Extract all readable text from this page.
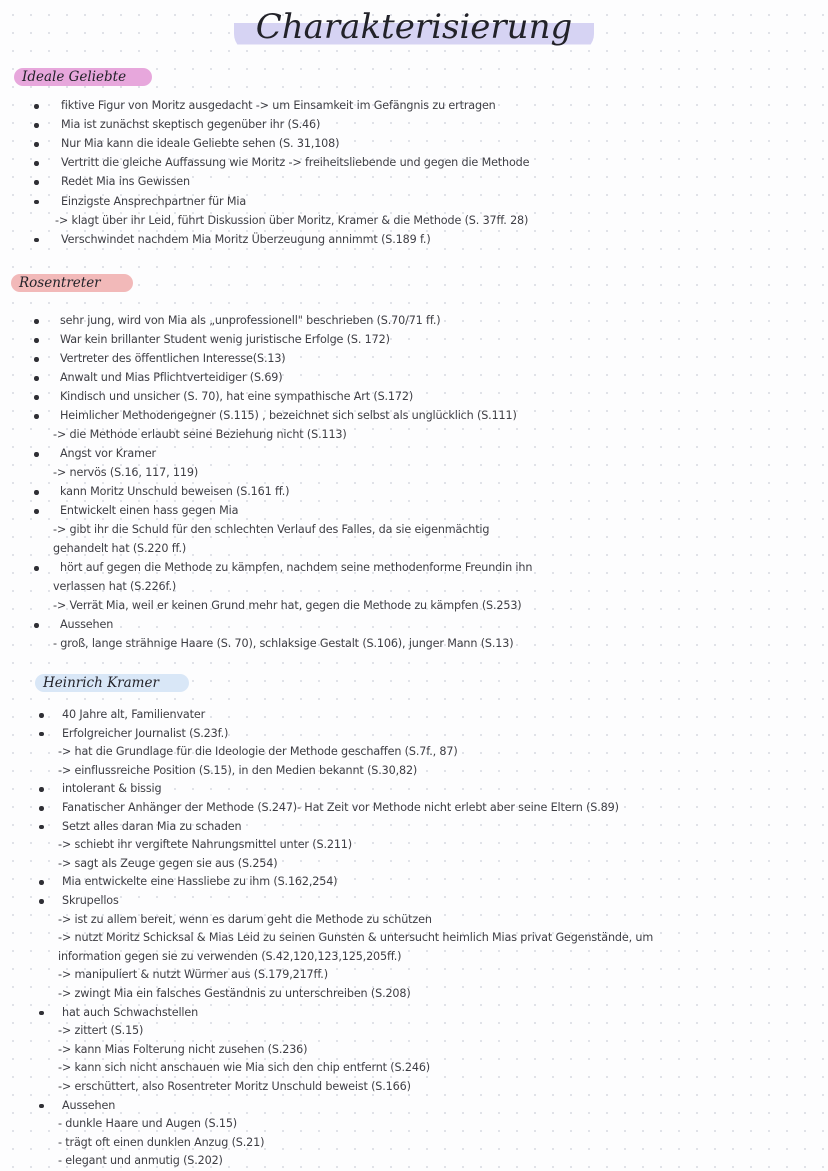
Charakterisierung
Ideale Geliebte
fiktive Figur von Moritz ausgedacht -> um Einsamkeit im Gefängnis zu ertragen
Mia ist zunächst skeptisch gegenüber ihr (S.46)
Nur Mia kann die ideale Geliebte sehen (S. 31,108)
Vertritt die gleiche Auffassung wie Moritz -> freiheitsliebende und gegen die Methode
Redet Mia ins Gewissen
Einzigste Ansprechpartner für Mia
-> klagt über ihr Leid, führt Diskussion über Moritz, Kramer & die Methode (S. 37ff. 28)
Verschwindet nachdem Mia Moritz Überzeugung annimmt (S.189 f.)
Rosentreter
sehr jung, wird von Mia als „unprofessionell" beschrieben (S.70/71 ff.)
War kein brillanter Student wenig juristische Erfolge (S. 172)
Vertreter des öffentlichen Interesse(S.13)
Anwalt und Mias Pflichtverteidiger (S.69)
Kindisch und unsicher (S. 70), hat eine sympathische Art (S.172)
Heimlicher Methodengegner (S.115) , bezeichnet sich selbst als unglücklich (S.111)
-> die Methode erlaubt seine Beziehung nicht (S.113)
Angst vor Kramer
-> nervös (S.16, 117, 119)
kann Moritz Unschuld beweisen (S.161 ff.)
Entwickelt einen hass gegen Mia
-> gibt ihr die Schuld für den schlechten Verlauf des Falles, da sie eigenmächtig
gehandelt hat (S.220 ff.)
hört auf gegen die Methode zu kämpfen, nachdem seine methodenforme Freundin ihn
verlassen hat (S.226f.)
-> Verrät Mia, weil er keinen Grund mehr hat, gegen die Methode zu kämpfen (S.253)
Aussehen
- groß, lange strähnige Haare (S. 70), schlaksige Gestalt (S.106), junger Mann (S.13)
Heinrich Kramer
40 Jahre alt, Familienvater
Erfolgreicher Journalist (S.23f.)
-> hat die Grundlage für die Ideologie der Methode geschaffen (S.7f., 87)
-> einflussreiche Position (S.15), in den Medien bekannt (S.30,82)
intolerant & bissig
Fanatischer Anhänger der Methode (S.247)- Hat Zeit vor Methode nicht erlebt aber seine Eltern (S.89)
Setzt alles daran Mia zu schaden
-> schiebt ihr vergiftete Nahrungsmittel unter (S.211)
-> sagt als Zeuge gegen sie aus (S.254)
Mia entwickelte eine Hassliebe zu ihm (S.162,254)
Skrupellos
-> ist zu allem bereit, wenn es darum geht die Methode zu schützen
-> nutzt Moritz Schicksal & Mias Leid zu seinen Gunsten & untersucht heimlich Mias privat Gegenstände, um
information gegen sie zu verwenden (S.42,120,123,125,205ff.)
-> manipuliert & nutzt Würmer aus (S.179,217ff.)
-> zwingt Mia ein falsches Geständnis zu unterschreiben (S.208)
hat auch Schwachstellen
-> zittert (S.15)
-> kann Mias Folterung nicht zusehen (S.236)
-> kann sich nicht anschauen wie Mia sich den chip entfernt (S.246)
-> erschüttert, also Rosentreter Moritz Unschuld beweist (S.166)
Aussehen
- dunkle Haare und Augen (S.15)
- trägt oft einen dunklen Anzug (S.21)
- elegant und anmutig (S.202)
